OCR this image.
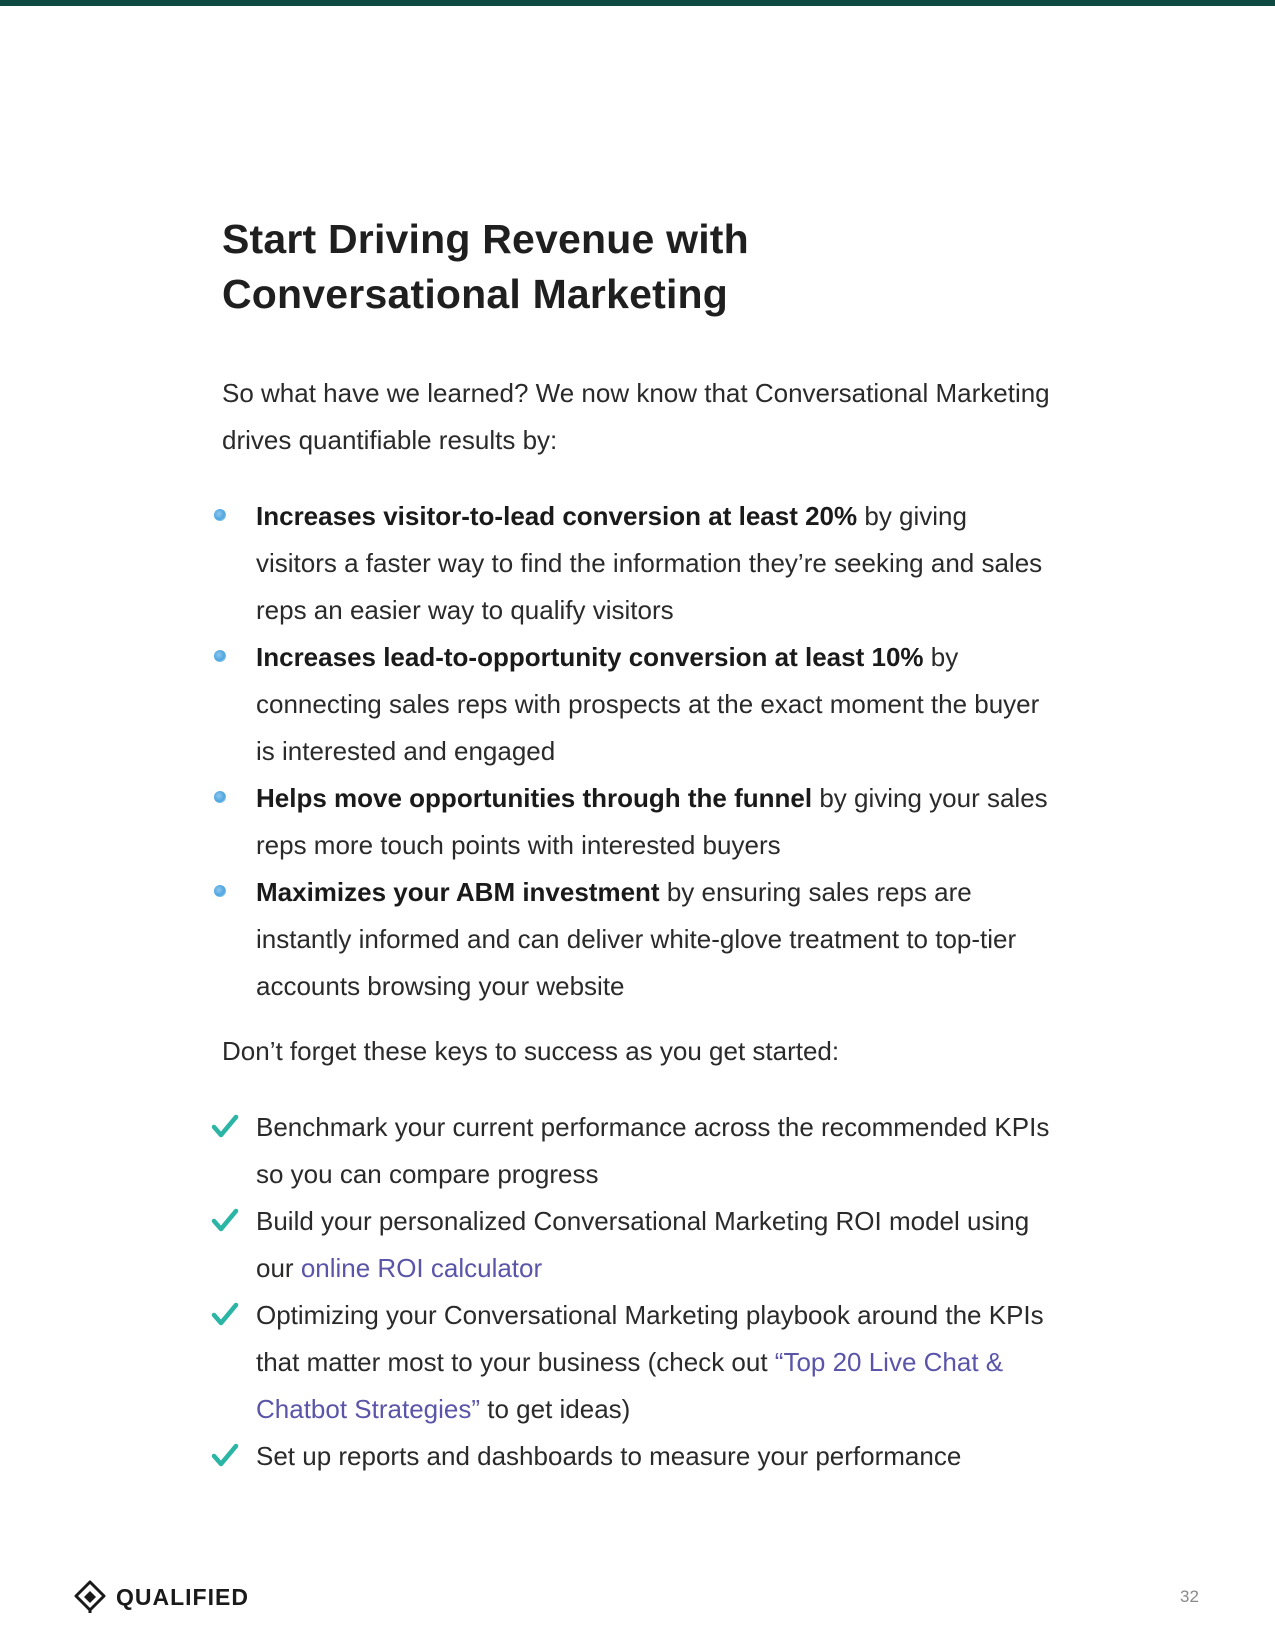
Start Driving Revenue with
Conversational Marketing

So what have we learned? We now know that Conversational Marketing drives quantifiable results by:

Increases visitor-to-lead conversion at least 20% by giving visitors a faster way to find the information they’re seeking and sales reps an easier way to qualify visitors
Increases lead-to-opportunity conversion at least 10% by connecting sales reps with prospects at the exact moment the buyer is interested and engaged
Helps move opportunities through the funnel by giving your sales reps more touch points with interested buyers
Maximizes your ABM investment by ensuring sales reps are instantly informed and can deliver white-glove treatment to top-tier accounts browsing your website

Don’t forget these keys to success as you get started:

Benchmark your current performance across the recommended KPIs so you can compare progress
Build your personalized Conversational Marketing ROI model using our online ROI calculator
Optimizing your Conversational Marketing playbook around the KPIs that matter most to your business (check out “Top 20 Live Chat & Chatbot Strategies” to get ideas)
Set up reports and dashboards to measure your performance
QUALIFIED	32
